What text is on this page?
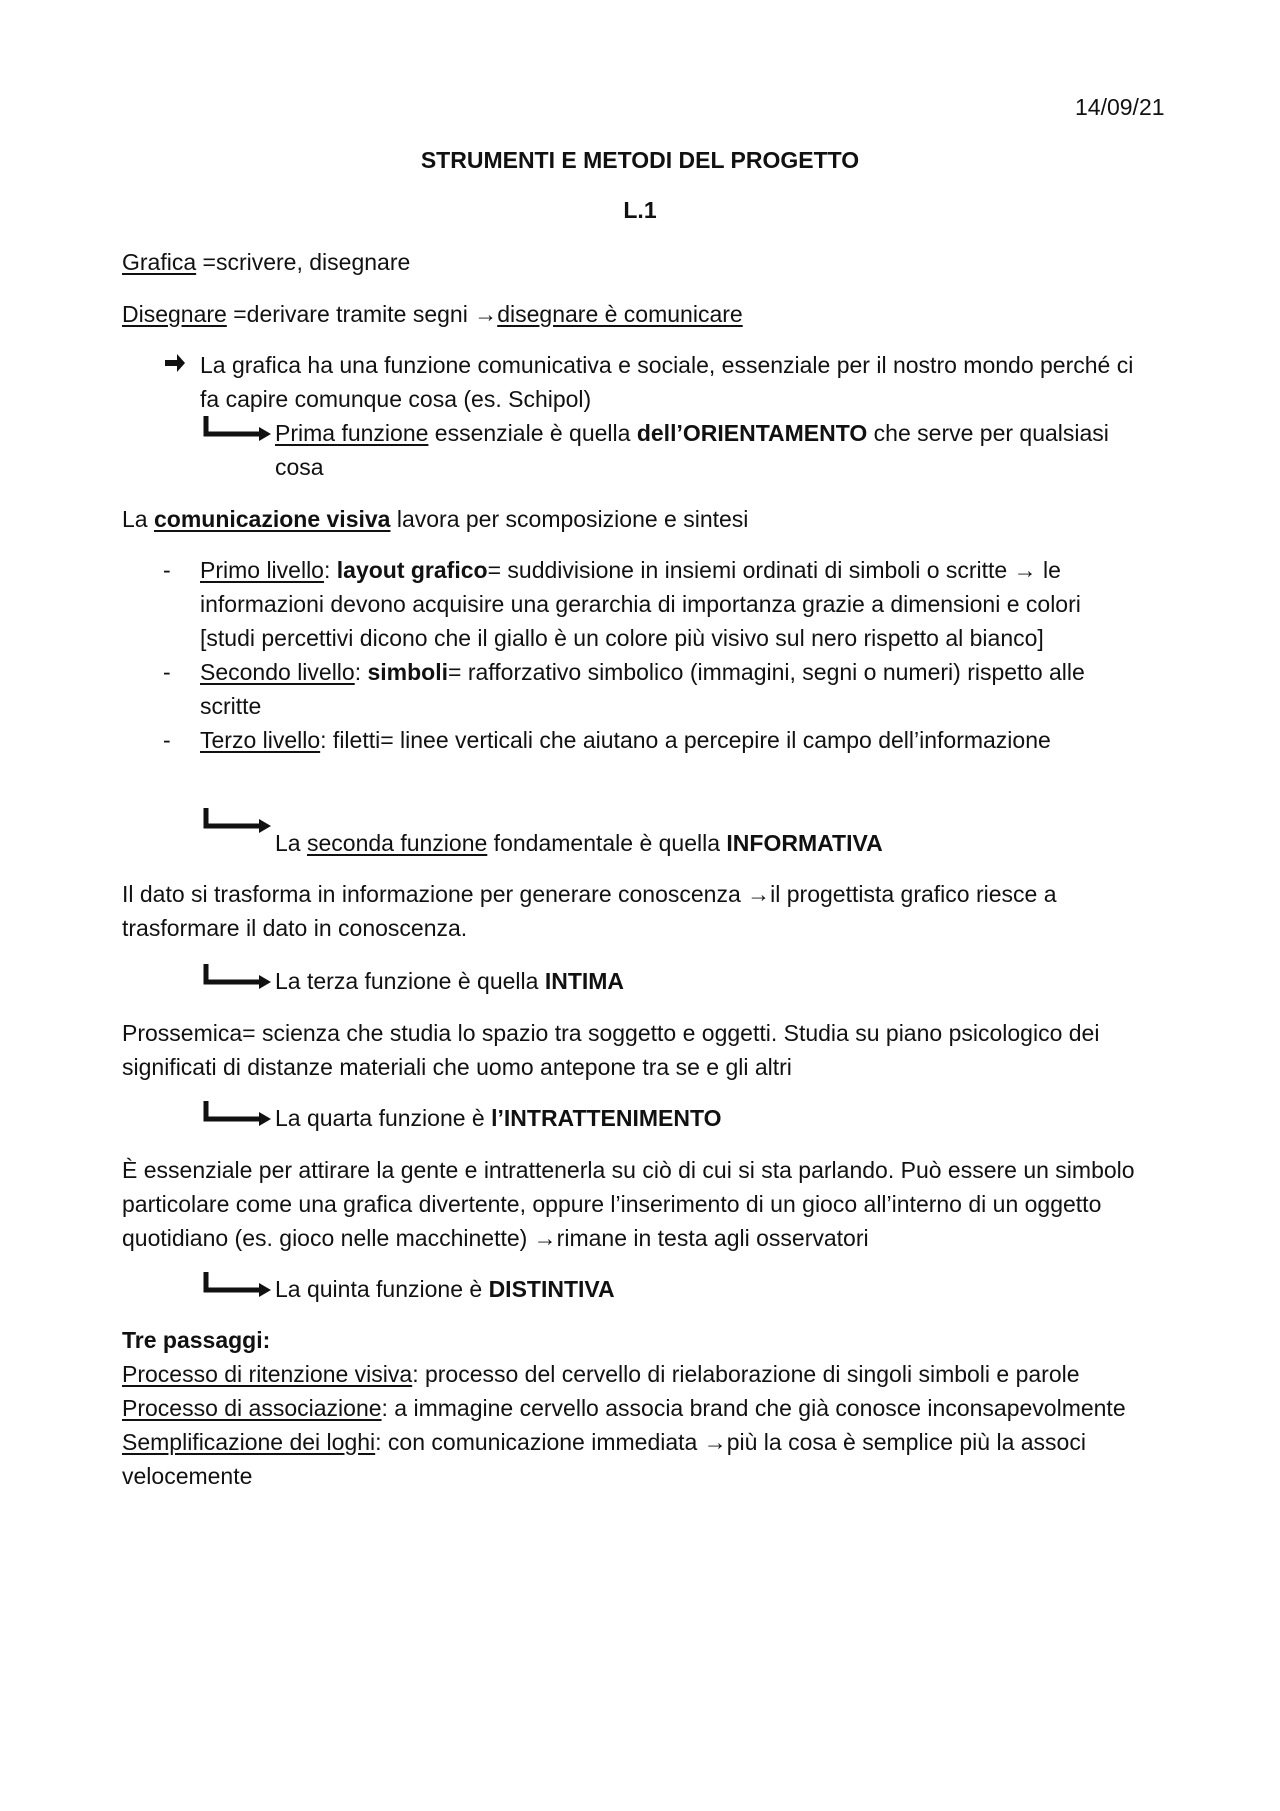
14/09/21
STRUMENTI E METODI DEL PROGETTO
L.1
Grafica =scrivere, disegnare
Disegnare =derivare tramite segni →disegnare è comunicare
La grafica ha una funzione comunicativa e sociale, essenziale per il nostro mondo perché ci
fa capire comunque cosa (es. Schipol)
Prima funzione essenziale è quella dell’ORIENTAMENTO che serve per qualsiasi
cosa
La comunicazione visiva lavora per scomposizione e sintesi
- Primo livello: layout grafico= suddivisione in insiemi ordinati di simboli o scritte → le
informazioni devono acquisire una gerarchia di importanza grazie a dimensioni e colori
[studi percettivi dicono che il giallo è un colore più visivo sul nero rispetto al bianco]
- Secondo livello: simboli= rafforzativo simbolico (immagini, segni o numeri) rispetto alle
scritte
- Terzo livello: filetti= linee verticali che aiutano a percepire il campo dell’informazione
La seconda funzione fondamentale è quella INFORMATIVA
Il dato si trasforma in informazione per generare conoscenza →il progettista grafico riesce a
trasformare il dato in conoscenza.
La terza funzione è quella INTIMA
Prossemica= scienza che studia lo spazio tra soggetto e oggetti. Studia su piano psicologico dei
significati di distanze materiali che uomo antepone tra se e gli altri
La quarta funzione è l’INTRATTENIMENTO
È essenziale per attirare la gente e intrattenerla su ciò di cui si sta parlando. Può essere un simbolo
particolare come una grafica divertente, oppure l’inserimento di un gioco all’interno di un oggetto
quotidiano (es. gioco nelle macchinette) →rimane in testa agli osservatori
La quinta funzione è DISTINTIVA
Tre passaggi:
Processo di ritenzione visiva: processo del cervello di rielaborazione di singoli simboli e parole
Processo di associazione: a immagine cervello associa brand che già conosce inconsapevolmente
Semplificazione dei loghi: con comunicazione immediata →più la cosa è semplice più la associ
velocemente
